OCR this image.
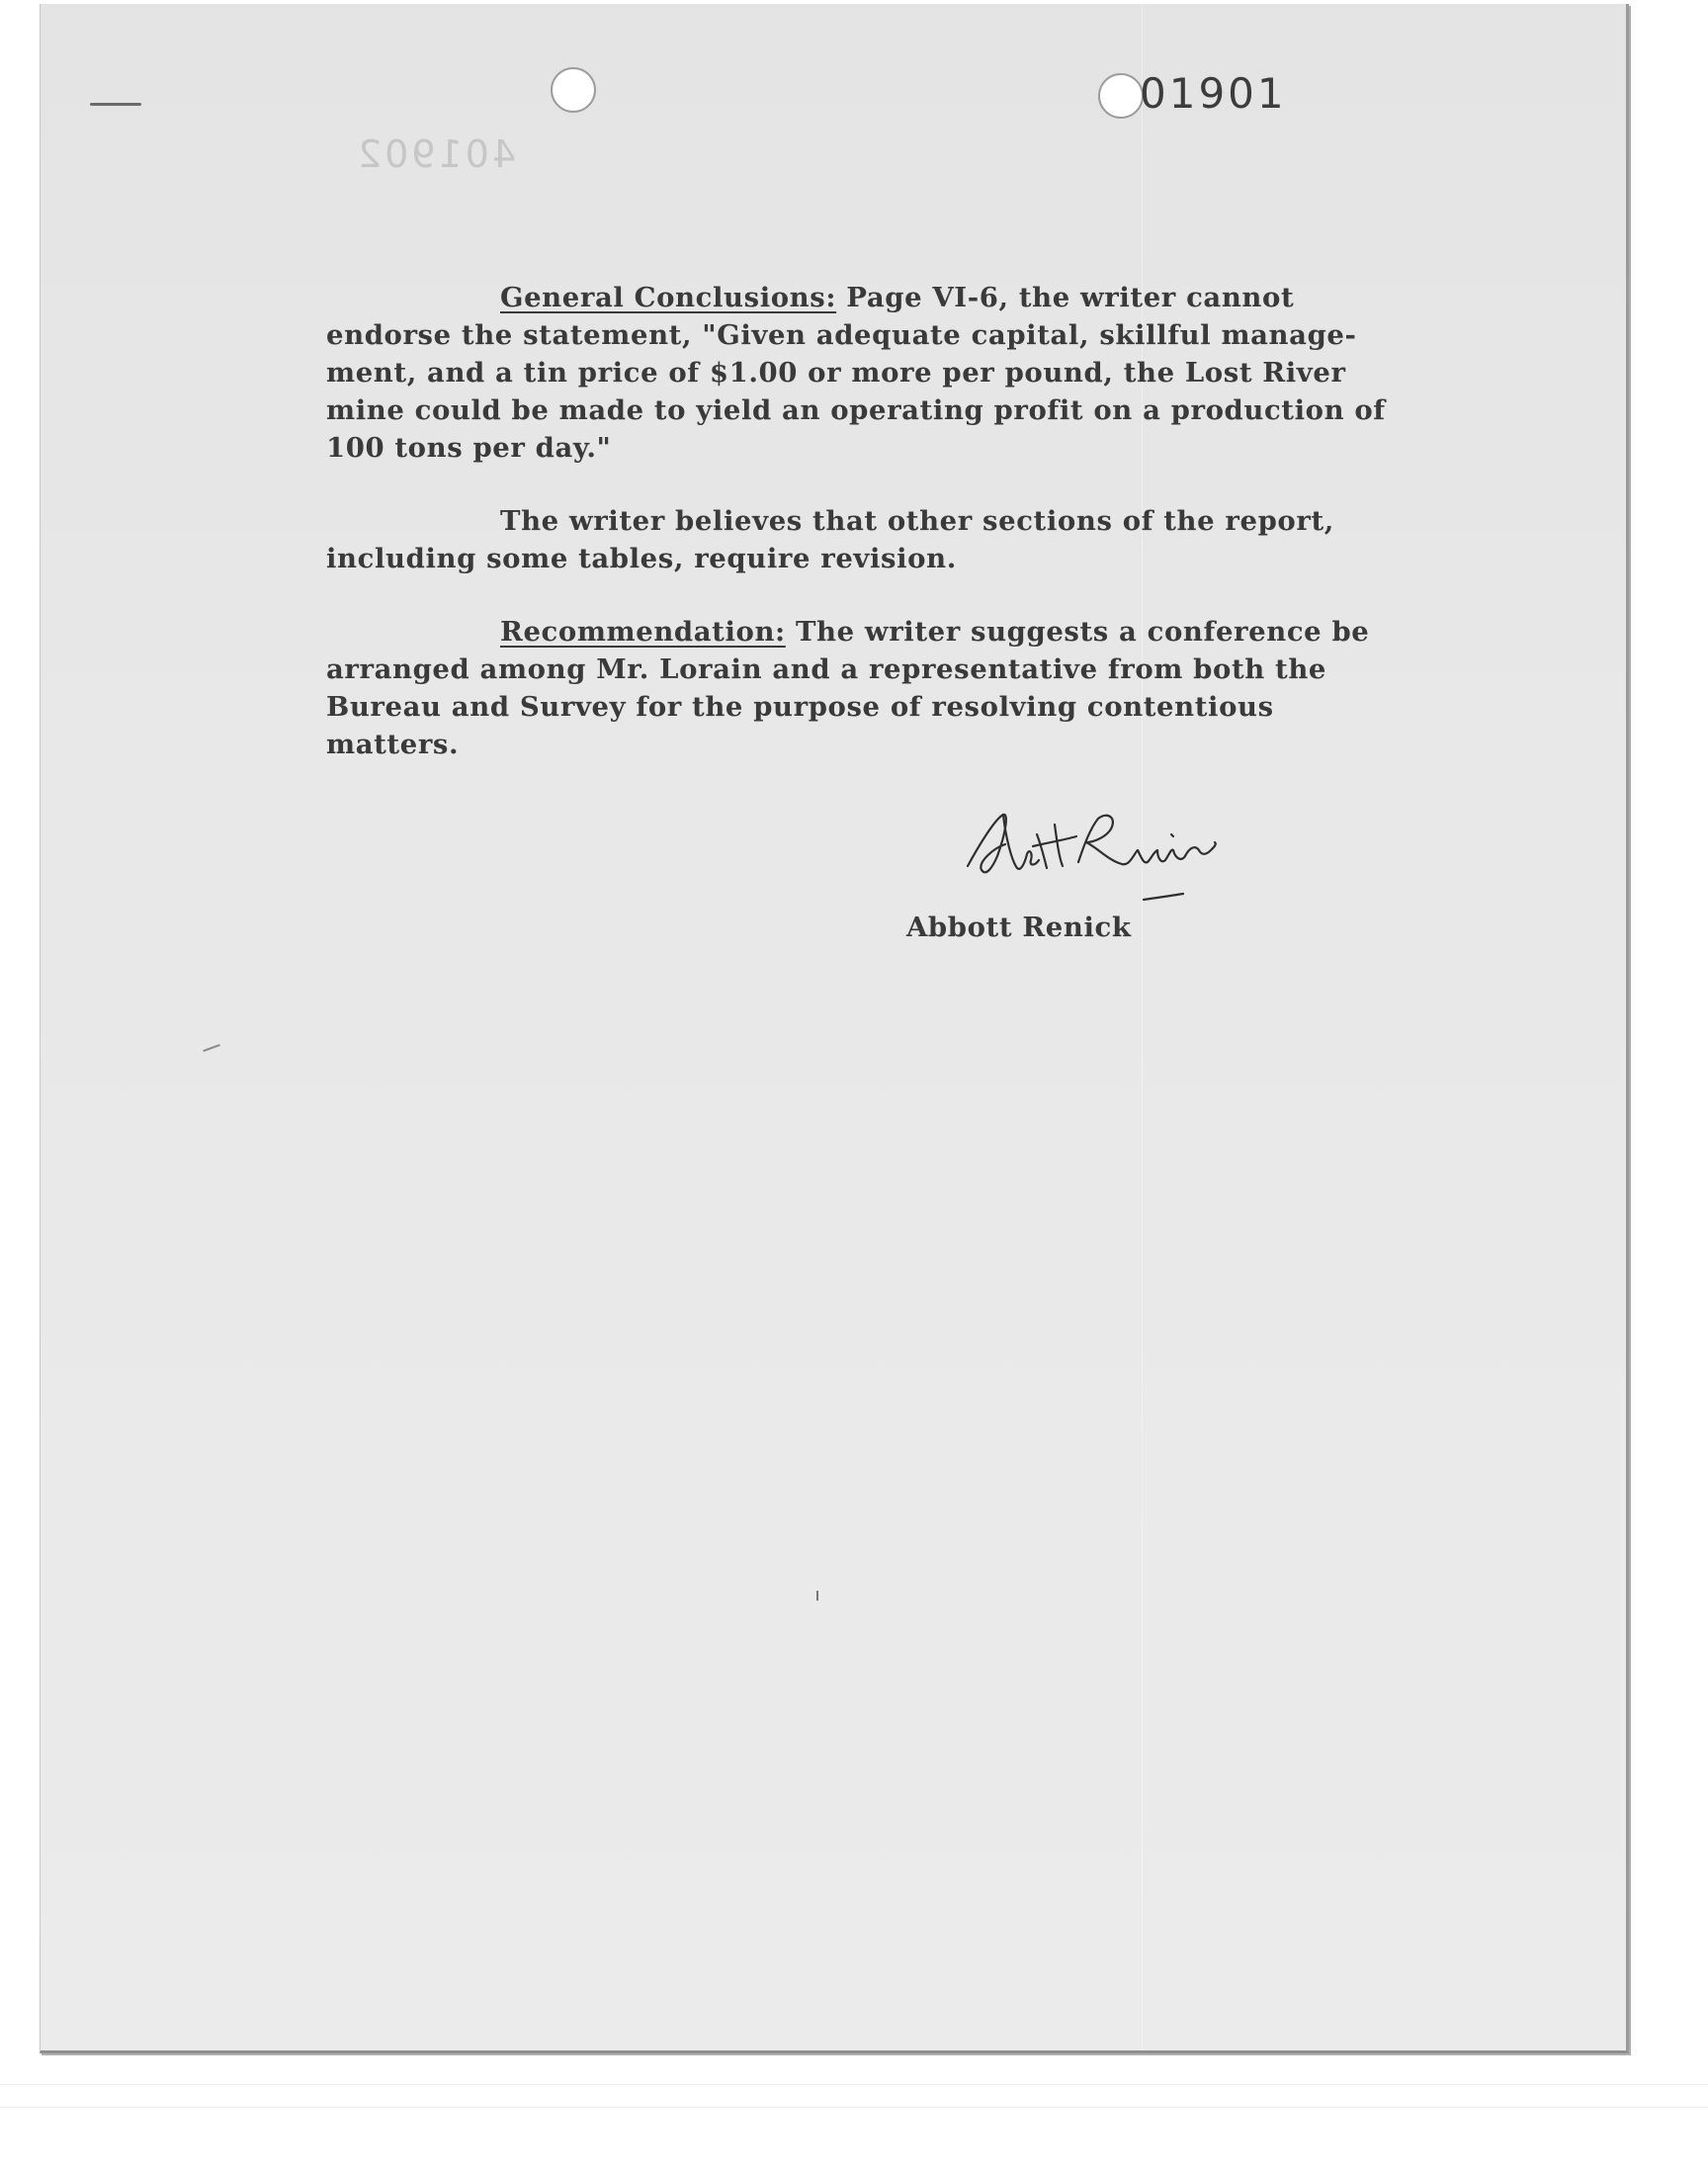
01901
401902

General Conclusions: Page VI-6, the writer cannot
endorse the statement, "Given adequate capital, skillful manage-
ment, and a tin price of $1.00 or more per pound, the Lost River
mine could be made to yield an operating profit on a production of
100 tons per day."

The writer believes that other sections of the report,
including some tables, require revision.

Recommendation: The writer suggests a conference be
arranged among Mr. Lorain and a representative from both the
Bureau and Survey for the purpose of resolving contentious
matters.

Abbott Renick
